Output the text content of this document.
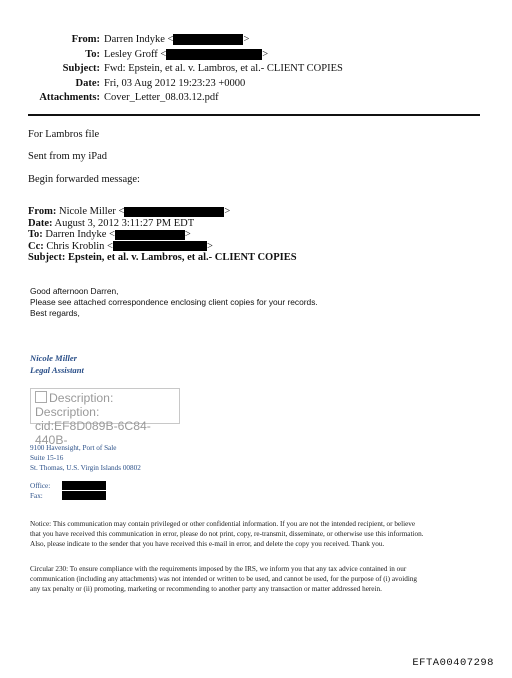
From: Darren Indyke <	>
To: Lesley Groff <	>
Subject: Fwd: Epstein, et al. v. Lambros, et al.- CLIENT COPIES
Date: Fri, 03 Aug 2012 19:23:23 +0000
Attachments: Cover_Letter_08.03.12.pdf
For Lambros file
Sent from my iPad
Begin forwarded message:
From: Nicole Miller <	>
Date: August 3, 2012 3:11:27 PM EDT
To: Darren Indyke <	>
Cc: Chris Kroblin <	>
Subject: Epstein, et al. v. Lambros, et al.- CLIENT COPIES
Good afternoon Darren,
Please see attached correspondence enclosing client copies for your records.
Best regards,
Nicole Miller
Legal Assistant
Description: Description:
cid:EF8D089B-6C84-440B-
9100 Havensight, Port of Sale
Suite 15-16
St. Thomas, U.S. Virgin Islands 00802
Office:
Fax:
Notice: This communication may contain privileged or other confidential information. If you are not the intended recipient, or believe
that you have received this communication in error, please do not print, copy, re-transmit, disseminate, or otherwise use this information.
Also, please indicate to the sender that you have received this e-mail in error, and delete the copy you received. Thank you.
Circular 230: To ensure compliance with the requirements imposed by the IRS, we inform you that any tax advice contained in our
communication (including any attachments) was not intended or written to be used, and cannot be used, for the purpose of (i) avoiding
any tax penalty or (ii) promoting, marketing or recommending to another party any transaction or matter addressed herein.
EFTA00407298
